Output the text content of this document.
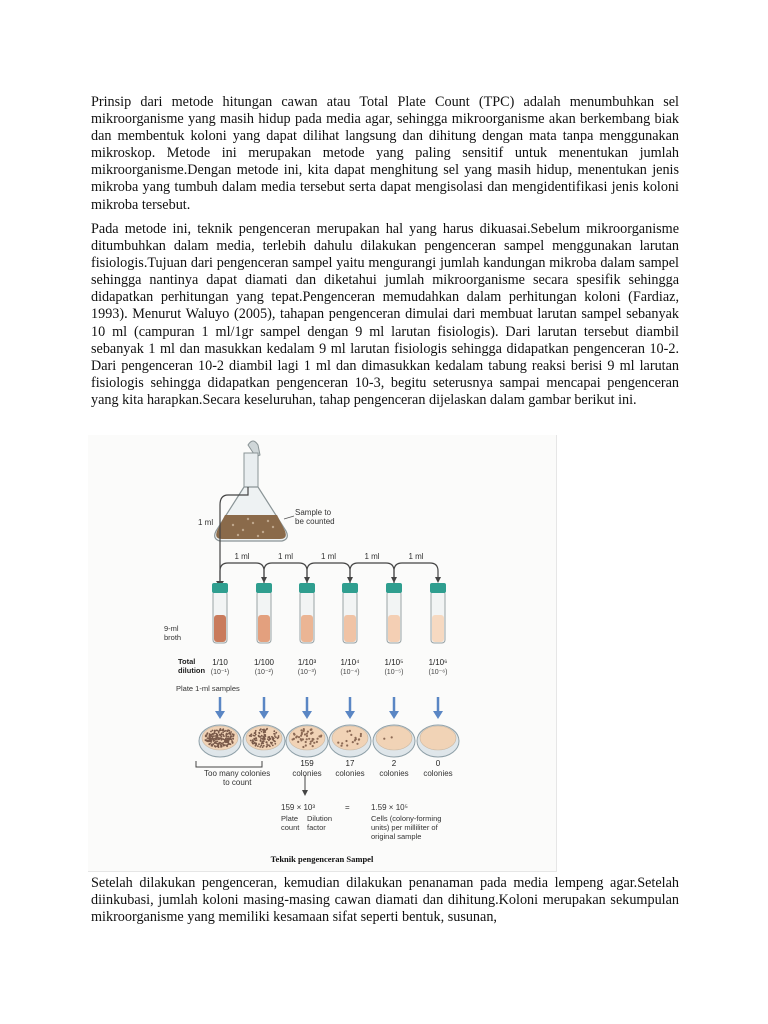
Prinsip dari metode hitungan cawan atau Total Plate Count (TPC) adalah menumbuhkan sel mikroorganisme yang masih hidup pada media agar, sehingga mikroorganisme akan berkembang biak dan membentuk koloni yang dapat dilihat langsung dan dihitung dengan mata tanpa menggunakan mikroskop. Metode ini merupakan metode yang paling sensitif untuk menentukan jumlah mikroorganisme.Dengan metode ini, kita dapat menghitung sel yang masih hidup, menentukan jenis mikroba yang tumbuh dalam media tersebut serta dapat mengisolasi dan mengidentifikasi jenis koloni mikroba tersebut.

Pada metode ini, teknik pengenceran merupakan hal yang harus dikuasai.Sebelum mikroorganisme ditumbuhkan dalam media, terlebih dahulu dilakukan pengenceran sampel menggunakan larutan fisiologis.Tujuan dari pengenceran sampel yaitu mengurangi jumlah kandungan mikroba dalam sampel sehingga nantinya dapat diamati dan diketahui jumlah mikroorganisme secara spesifik sehingga didapatkan perhitungan yang tepat.Pengenceran memudahkan dalam perhitungan koloni (Fardiaz, 1993). Menurut Waluyo (2005), tahapan pengenceran dimulai dari membuat larutan sampel sebanyak 10 ml (campuran 1 ml/1gr sampel dengan 9 ml larutan fisiologis). Dari larutan tersebut diambil sebanyak 1 ml dan masukkan kedalam 9 ml larutan fisiologis sehingga didapatkan pengenceran 10-2. Dari pengenceran 10-2 diambil lagi 1 ml dan dimasukkan kedalam tabung reaksi berisi 9 ml larutan fisiologis sehingga didapatkan pengenceran 10-3, begitu seterusnya sampai mencapai pengenceran yang kita harapkan.Secara keseluruhan, tahap pengenceran dijelaskan dalam gambar berikut ini.

Sample to
be counted
1 ml
1 ml	1 ml	1 ml	1 ml	1 ml
1/10
(10⁻¹)
1/100
(10⁻²)
1/10³
(10⁻³)
1/10⁴
(10⁻⁴)
1/10⁵
(10⁻⁵)
1/10⁶
(10⁻⁶)
9-ml
broth
Total
dilution
Plate 1-ml samples
159
colonies
17
colonies
2
colonies
0
colonies
Too many colonies
to count
159 × 10³	=	1.59 × 10⁵
Plate
count
Dilution
factor
Cells (colony-forming
units) per milliliter of
original sample
Teknik pengenceran Sampel

Setelah dilakukan pengenceran, kemudian dilakukan penanaman pada media lempeng agar.Setelah diinkubasi, jumlah koloni masing-masing cawan diamati dan dihitung.Koloni merupakan sekumpulan mikroorganisme yang memiliki kesamaan sifat seperti bentuk, susunan,
